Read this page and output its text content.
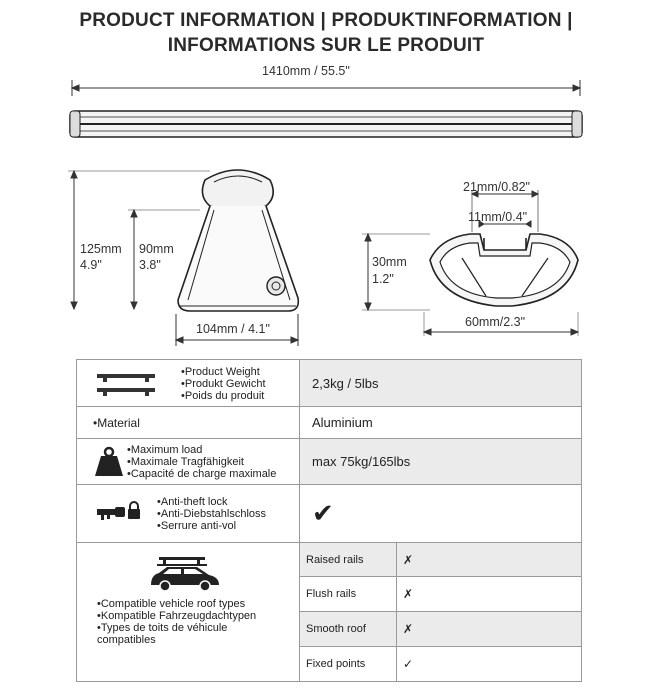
PRODUCT INFORMATION | PRODUKTINFORMATION |
INFORMATIONS SUR LE PRODUIT
1410mm / 55.5"
125mm
4.9"
90mm
3.8"
104mm / 4.1"
21mm/0.82"
11mm/0.4"
30mm
1.2"
60mm/2.3"
•Product Weight
•Produkt Gewicht
•Poids du produit	2,3kg / 5lbs	

•Material	Aluminium	

•Maximum load
•Maximale Tragfähigkeit
•Capacité de charge maximale	max 75kg/165lbs	

•Anti-theft lock
•Anti-Diebstahlschloss
•Serrure anti-vol	✔	

•Compatible vehicle roof types
•Kompatible Fahrzeugdachtypen
•Types de toits de véhicule
compatibles	Raised rails	✗
	Flush rails	✗
	Smooth roof	✗
	Fixed points	✓
